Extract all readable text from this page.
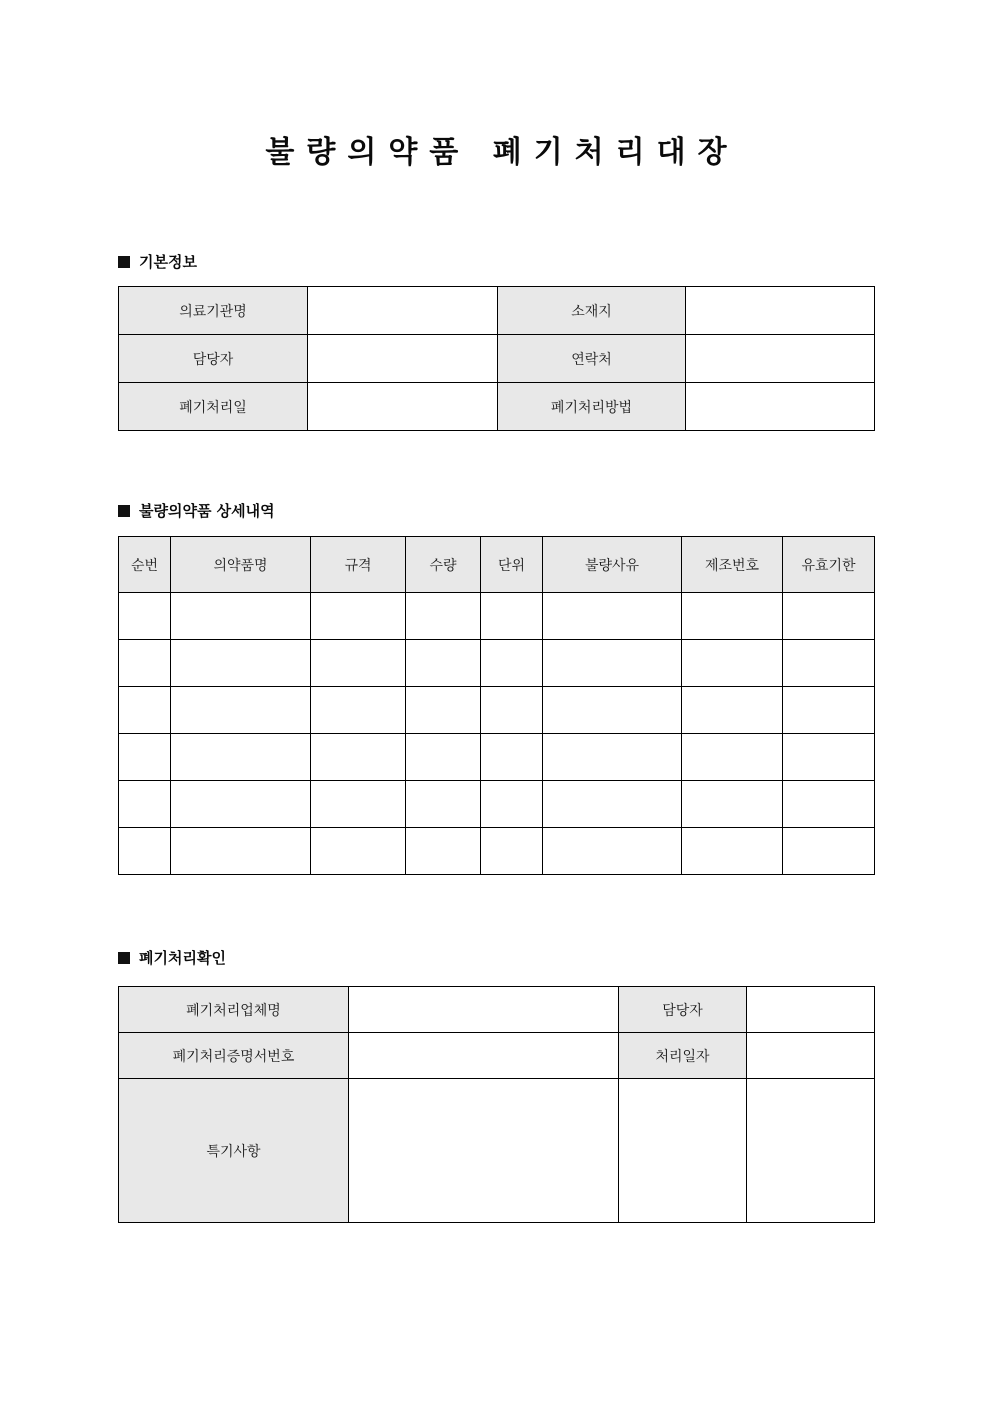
불량의약품 폐기처리대장
기본정보
의료기관명		소재지	
담당자		연락처	
폐기처리일		폐기처리방법	
불량의약품 상세내역
순번	의약품명	규격	수량	단위	불량사유	제조번호	유효기한

폐기처리확인
폐기처리업체명		담당자	
폐기처리증명서번호		처리일자	
특기사항			
